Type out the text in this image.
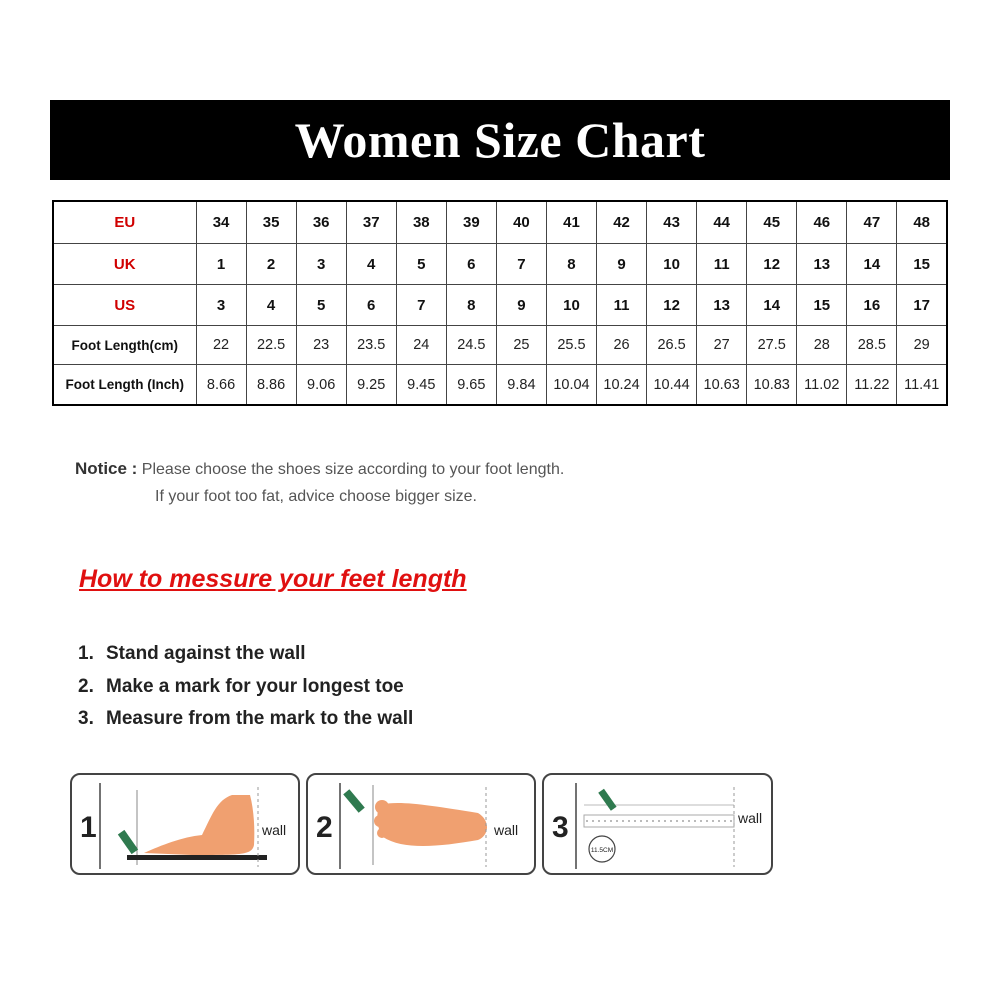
Women Size Chart
EU	34	35	36	37	38	39	40	41	42	43	44	45	46	47	48
UK	1	2	3	4	5	6	7	8	9	10	11	12	13	14	15
US	3	4	5	6	7	8	9	10	11	12	13	14	15	16	17
Foot Length(cm)	22	22.5	23	23.5	24	24.5	25	25.5	26	26.5	27	27.5	28	28.5	29
Foot Length (Inch)	8.66	8.86	9.06	9.25	9.45	9.65	9.84	10.04	10.24	10.44	10.63	10.83	11.02	11.22	11.41
Notice : Please choose the shoes size according to your foot length.
If your foot too fat, advice choose bigger size.
How to messure your feet length
1. Stand against the wall
2. Make a mark for your longest toe
3. Measure from the mark to the wall
1	wall 2	wall 3
11.5CM
wall
